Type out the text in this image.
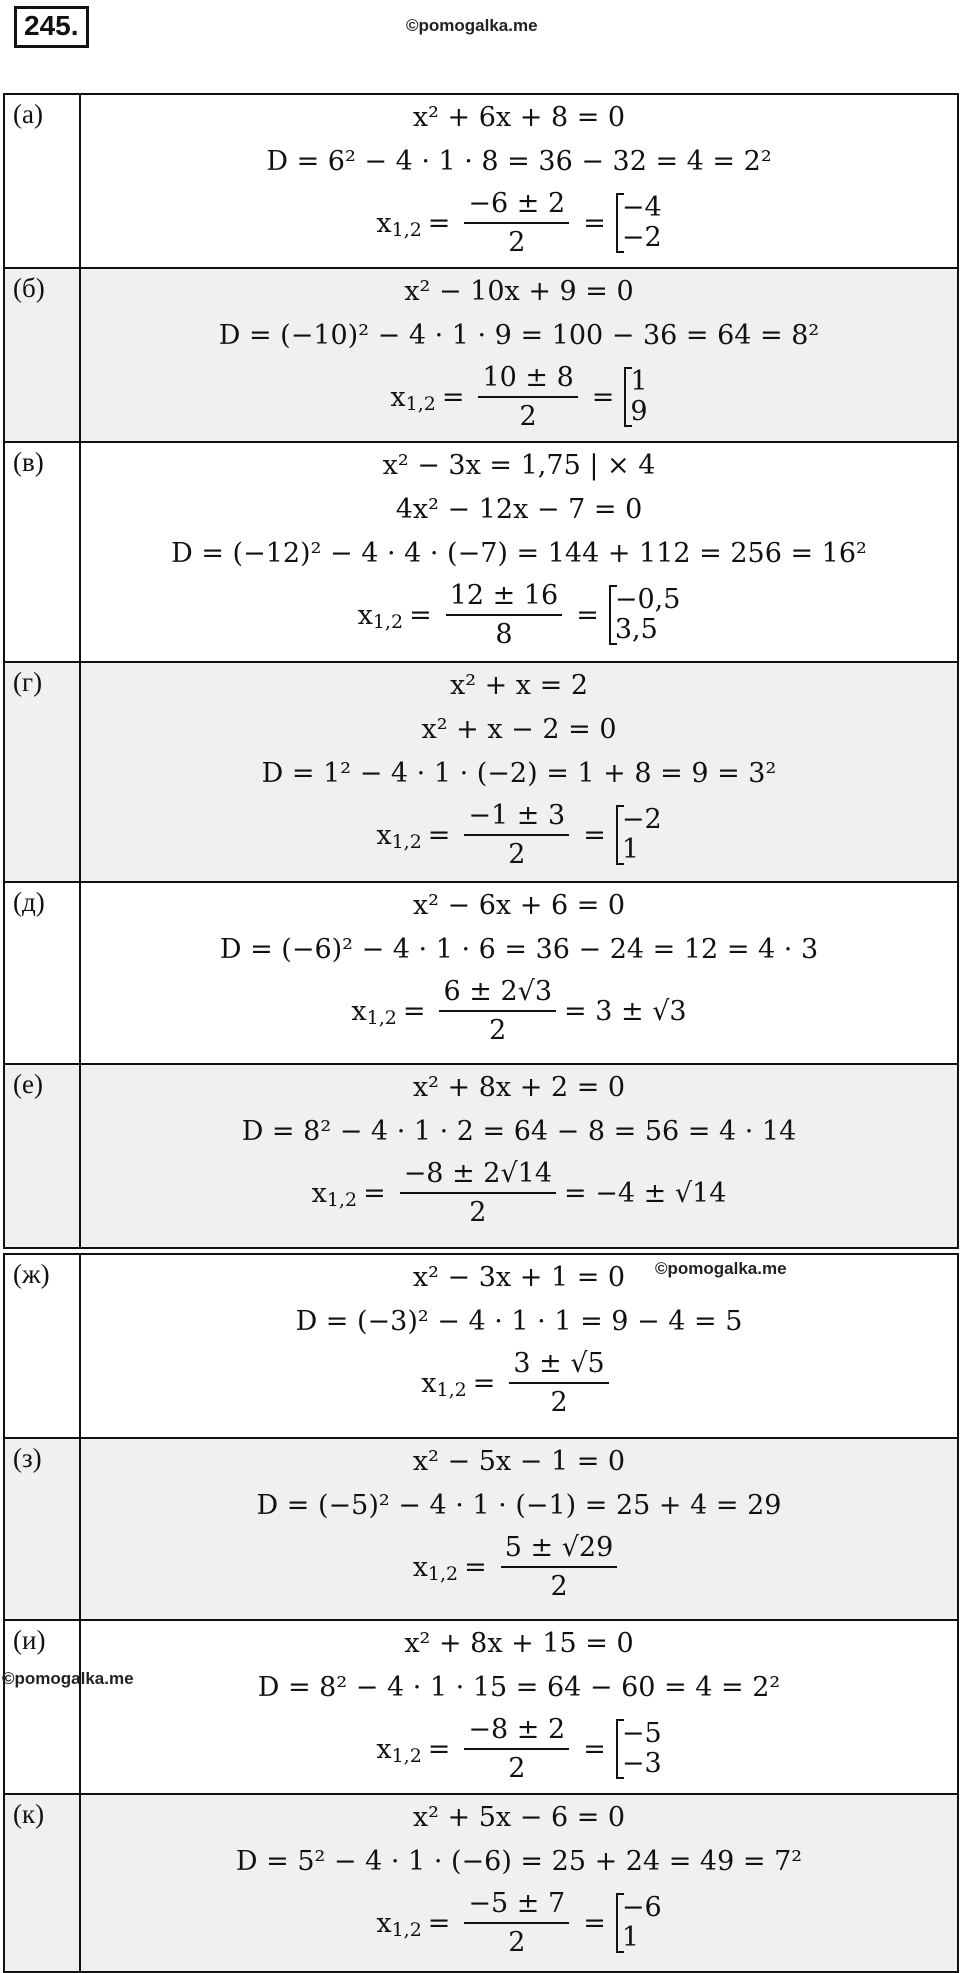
245.	©pomogalka.me
(а)	x² + 6x + 8 = 0
D = 6² − 4 · 1 · 8 = 36 − 32 = 4 = 2²
x $1,2 = \frac{-6 \pm 2}{2} = -4$
−2
(б)	x² − 10x + 9 = 0
D = (−10)² − 4 · 1 · 9 = 100 − 36 = 64 = 8²
x $1,2 = \frac{10 \pm 8}{2} = 1$
9
(в)	x² − 3x = 1,75 | × 4
4x² − 12x − 7 = 0
D = (−12)² − 4 · 4 · (−7) = 144 + 112 = 256 = 16²
x $1,2 = \frac{12 \pm 16}{8} = -0,5$
3,5
(г)	x² + x = 2
x² + x − 2 = 0
D = 1² − 4 · 1 · (−2) = 1 + 8 = 9 = 3²
x $1,2 = \frac{-1 \pm 3}{2} = -2$
1
(д)	x² − 6x + 6 = 0
D = (−6)² − 4 · 1 · 6 = 36 − 24 = 12 = 4 · 3
x $1,2 = \frac{6 \pm 2√3}{2} = 3 \pm √3$
(е)	x² + 8x + 2 = 0
D = 8² − 4 · 1 · 2 = 64 − 8 = 56 = 4 · 14
x $1,2 = \frac{-8 \pm 2√14}{2} = -4 \pm √14$
(ж)	x² − 3x + 1 = 0
D = (−3)² − 4 · 1 · 1 = 9 − 4 = 5
x $1,2 = \frac{3 \pm √5}{2}$
(з)	x² − 5x − 1 = 0
D = (−5)² − 4 · 1 · (−1) = 25 + 4 = 29
x $1,2 = \frac{5 \pm √29}{2}$
(и)	x² + 8x + 15 = 0
D = 8² − 4 · 1 · 15 = 64 − 60 = 4 = 2²
x $1,2 = \frac{-8 \pm 2}{2} = -5$
−3
(к)	x² + 5x − 6 = 0
D = 5² − 4 · 1 · (−6) = 25 + 24 = 49 = 7²
x $1,2 = \frac{-5 \pm 7}{2} = -6$
1
©pomogalka.me
©pomogalka.me
